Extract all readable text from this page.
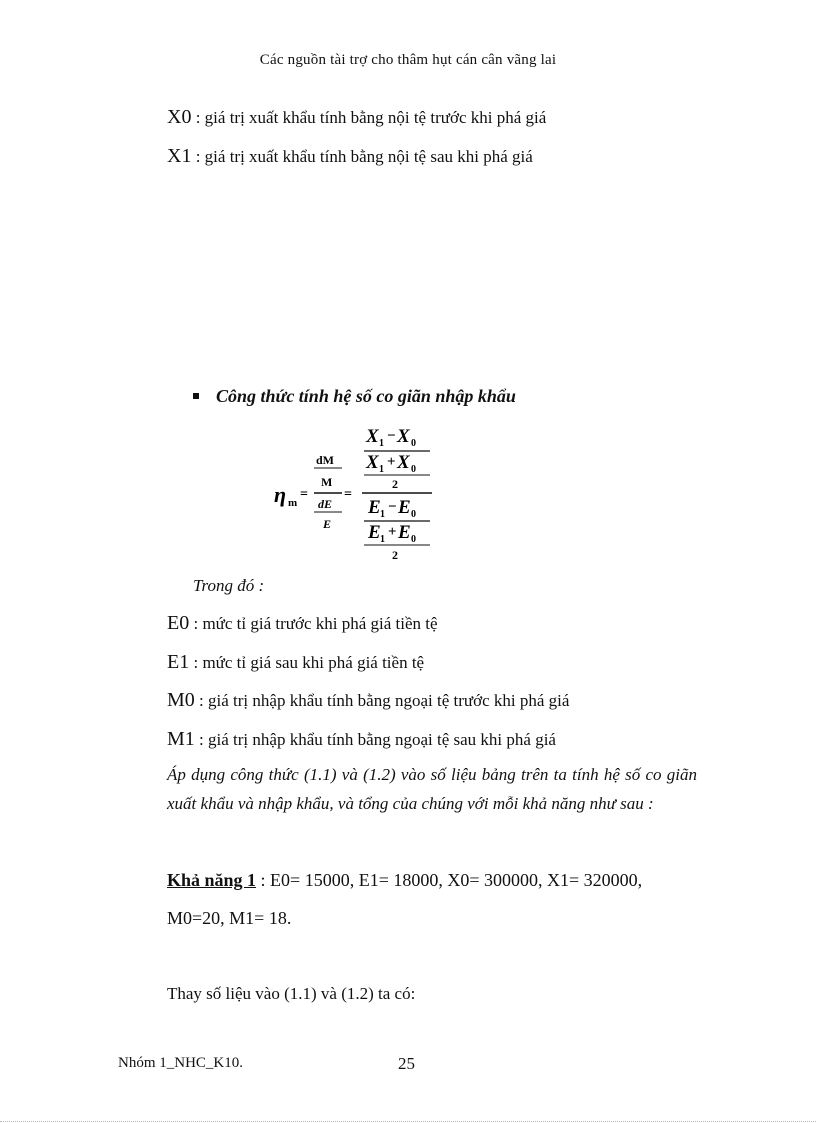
Các nguồn tài trợ cho thâm hụt cán cân vãng lai
X0 : giá trị xuất khẩu tính bằng nội tệ trước khi phá giá
X1 : giá trị xuất khẩu tính bằng nội tệ sau khi phá giá
Công thức tính hệ số co giãn nhập khẩu
η m
=
dM
M
dE
E
=
X 1 − X 0
X 1 + X 0
2
E 1 − E 0
E 1 + E 0
2
Trong đó :
E0 : mức tỉ giá trước khi phá giá tiền tệ
E1 : mức tỉ giá sau khi phá giá tiền tệ
M0 : giá trị nhập khẩu tính bằng ngoại tệ trước khi phá giá
M1 : giá trị nhập khẩu tính bằng ngoại tệ sau khi phá giá
Áp dụng công thức (1.1) và (1.2) vào số liệu bảng trên ta tính hệ số co giãn xuất khẩu và nhập khẩu, và tổng của chúng với mỗi khả năng như sau :
Khả năng 1 : E0= 15000, E1= 18000, X0= 300000, X1= 320000,
M0=20, M1= 18.
Thay số liệu vào (1.1) và (1.2) ta có:
Nhóm 1_NHC_K10.	25
